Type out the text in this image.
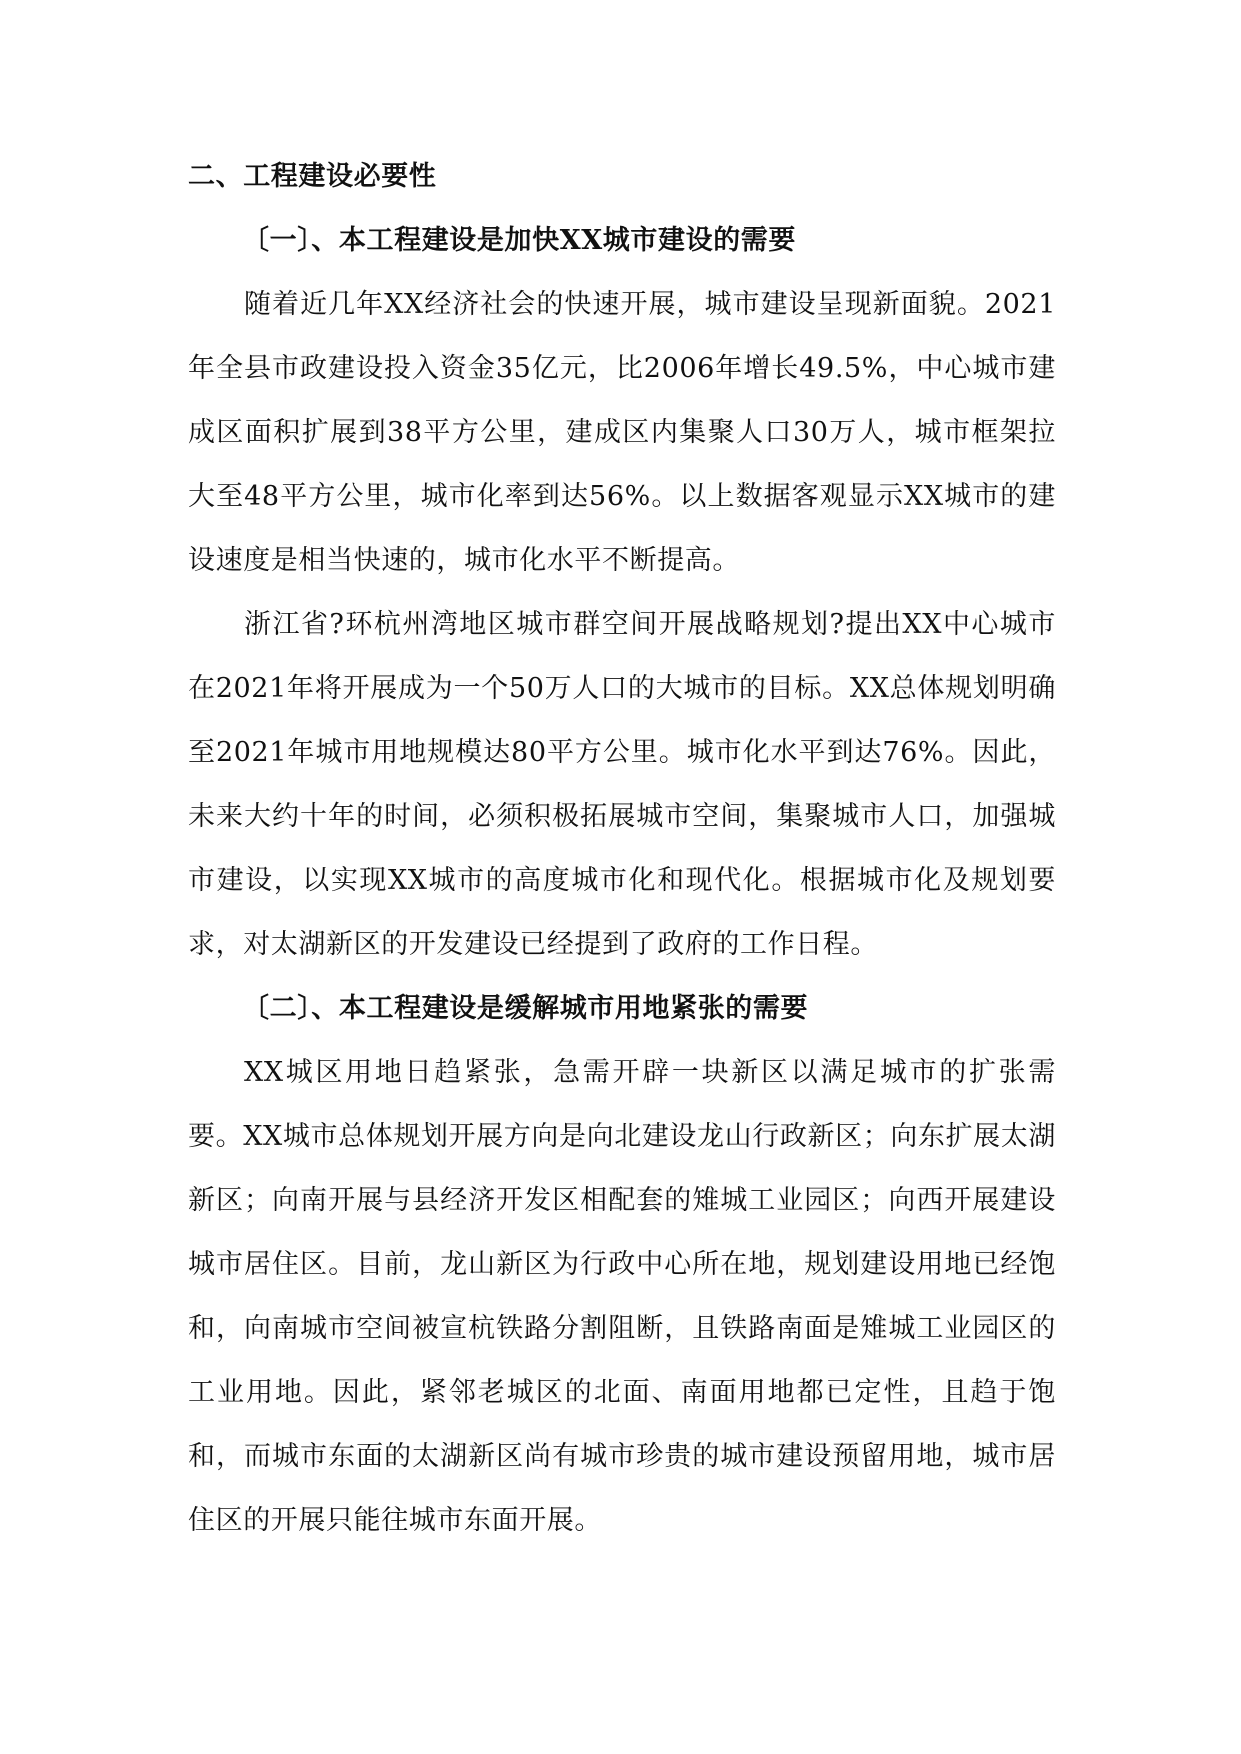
二、工程建设必要性

〔一〕、本工程建设是加快XX城市建设的需要

随着近几年XX经济社会的快速开展，城市建设呈现新面貌。2021年全县市政建设投入资金35亿元，比2006年增长49.5%，中心城市建成区面积扩展到38平方公里，建成区内集聚人口30万人，城市框架拉大至48平方公里，城市化率到达56%。以上数据客观显示XX城市的建设速度是相当快速的，城市化水平不断提高。

浙江省?环杭州湾地区城市群空间开展战略规划?提出XX中心城市在2021年将开展成为一个50万人口的大城市的目标。XX总体规划明确至2021年城市用地规模达80平方公里。城市化水平到达76%。因此，未来大约十年的时间，必须积极拓展城市空间，集聚城市人口，加强城市建设，以实现XX城市的高度城市化和现代化。根据城市化及规划要求，对太湖新区的开发建设已经提到了政府的工作日程。

〔二〕、本工程建设是缓解城市用地紧张的需要

XX城区用地日趋紧张，急需开辟一块新区以满足城市的扩张需要。XX城市总体规划开展方向是向北建设龙山行政新区；向东扩展太湖新区；向南开展与县经济开发区相配套的雉城工业园区；向西开展建设城市居住区。目前，龙山新区为行政中心所在地，规划建设用地已经饱和，向南城市空间被宣杭铁路分割阻断，且铁路南面是雉城工业园区的工业用地。因此，紧邻老城区的北面、南面用地都已定性，且趋于饱和，而城市东面的太湖新区尚有城市珍贵的城市建设预留用地，城市居住区的开展只能往城市东面开展。
